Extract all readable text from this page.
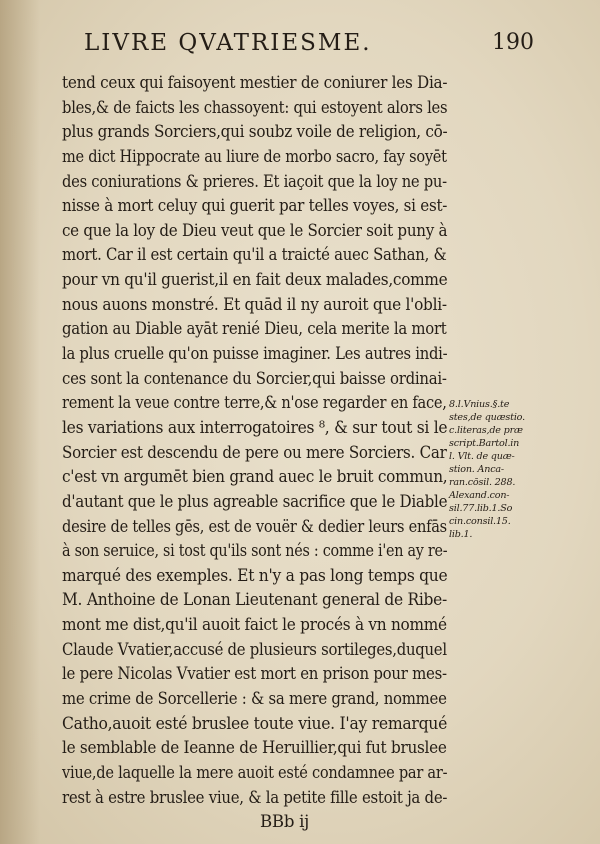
LIVRE QVATRIESME.	190
tend ceux qui faisoyent mestier de coniurer les Dia-
bles,& de faicts les chassoyent: qui estoyent alors les
plus grands Sorciers,qui soubz voile de religion, cō-
me dict Hippocrate au liure de morbo sacro, fay soyēt
des coniurations & prieres. Et iaçoit que la loy ne pu-
nisse à mort celuy qui guerit par telles voyes, si est-
ce que la loy de Dieu veut que le Sorcier soit puny à
mort. Car il est certain qu'il a traicté auec Sathan, &
pour vn qu'il guerist,il en fait deux malades,comme
nous auons monstré. Et quād il ny auroit que l'obli-
gation au Diable ayāt renié Dieu, cela merite la mort
la plus cruelle qu'on puisse imaginer. Les autres indi-
ces sont la contenance du Sorcier,qui baisse ordinai-
rement la veue contre terre,& n'ose regarder en face,
les variations aux interrogatoires ⁸, & sur tout si le
Sorcier est descendu de pere ou mere Sorciers. Car
c'est vn argumēt bien grand auec le bruit commun,
d'autant que le plus agreable sacrifice que le Diable
desire de telles gēs, est de vouër & dedier leurs enfās
à son seruice, si tost qu'ils sont nés : comme i'en ay re-
marqué des exemples. Et n'y a pas long temps que
M. Anthoine de Lonan Lieutenant general de Ribe-
mont me dist,qu'il auoit faict le procés à vn nommé
Claude Vvatier,accusé de plusieurs sortileges,duquel
le pere Nicolas Vvatier est mort en prison pour mes-
me crime de Sorcellerie : & sa mere grand, nommee
Catho,auoit esté bruslee toute viue. I'ay remarqué
le semblable de Ieanne de Heruillier,qui fut bruslee
viue,de laquelle la mere auoit esté condamnee par ar-
rest à estre bruslee viue, & la petite fille estoit ja de-
BBb ij
8.l.Vnius.§.te
stes,de quæstio.
c.literas,de præ
script.Bartol.in
l. Vlt. de quæ-
stion. Anca-
ran.cōsil. 288.
Alexand.con-
sil.77.lib.1.So
cin.consil.15.
lib.1.
